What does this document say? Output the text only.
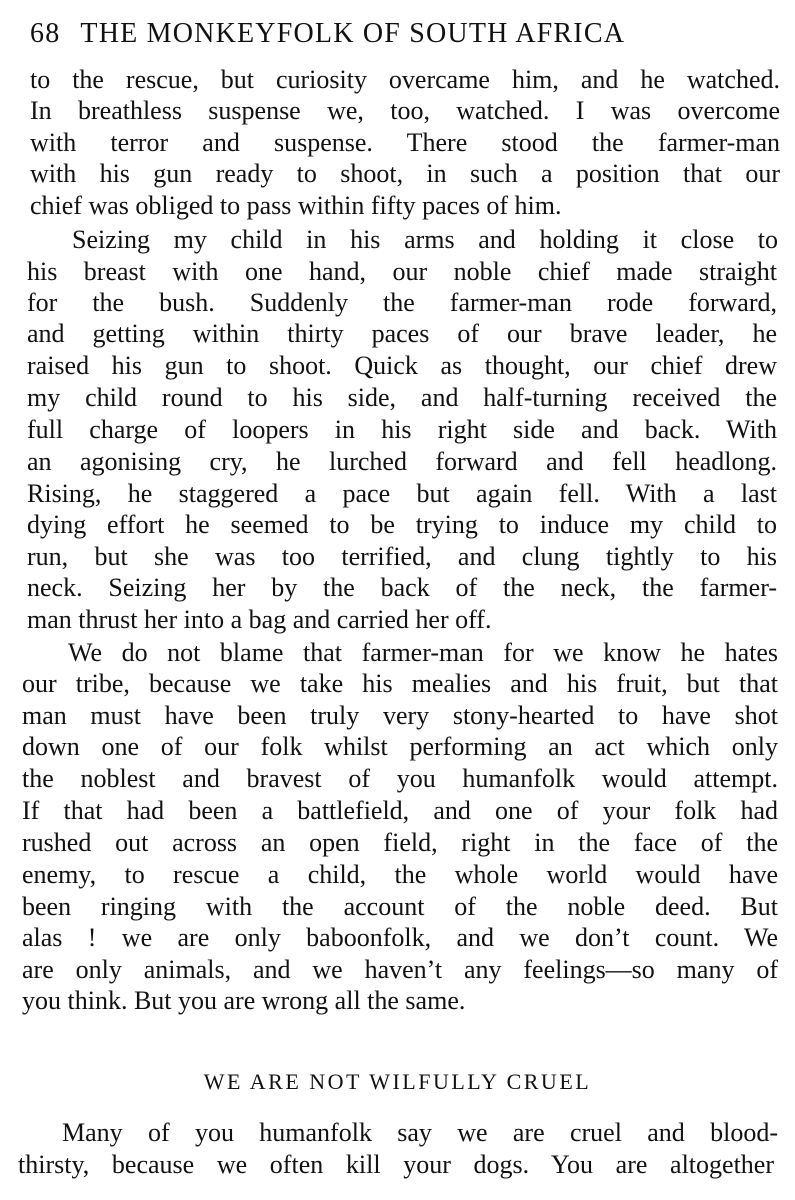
68 THE MONKEYFOLK OF SOUTH AFRICA
to the rescue, but curiosity overcame him, and he watched.
In breathless suspense we, too, watched. I was overcome
with terror and suspense. There stood the farmer-man
with his gun ready to shoot, in such a position that our
chief was obliged to pass within fifty paces of him.
Seizing my child in his arms and holding it close to
his breast with one hand, our noble chief made straight
for the bush. Suddenly the farmer-man rode forward,
and getting within thirty paces of our brave leader, he
raised his gun to shoot. Quick as thought, our chief drew
my child round to his side, and half-turning received the
full charge of loopers in his right side and back. With
an agonising cry, he lurched forward and fell headlong.
Rising, he staggered a pace but again fell. With a last
dying effort he seemed to be trying to induce my child to
run, but she was too terrified, and clung tightly to his
neck. Seizing her by the back of the neck, the farmer-
man thrust her into a bag and carried her off.
We do not blame that farmer-man for we know he hates
our tribe, because we take his mealies and his fruit, but that
man must have been truly very stony-hearted to have shot
down one of our folk whilst performing an act which only
the noblest and bravest of you humanfolk would attempt.
If that had been a battlefield, and one of your folk had
rushed out across an open field, right in the face of the
enemy, to rescue a child, the whole world would have
been ringing with the account of the noble deed. But
alas ! we are only baboonfolk, and we don’t count. We
are only animals, and we haven’t any feelings—so many of
you think. But you are wrong all the same.
WE ARE NOT WILFULLY CRUEL
Many of you humanfolk say we are cruel and blood-
thirsty, because we often kill your dogs. You are altogether
